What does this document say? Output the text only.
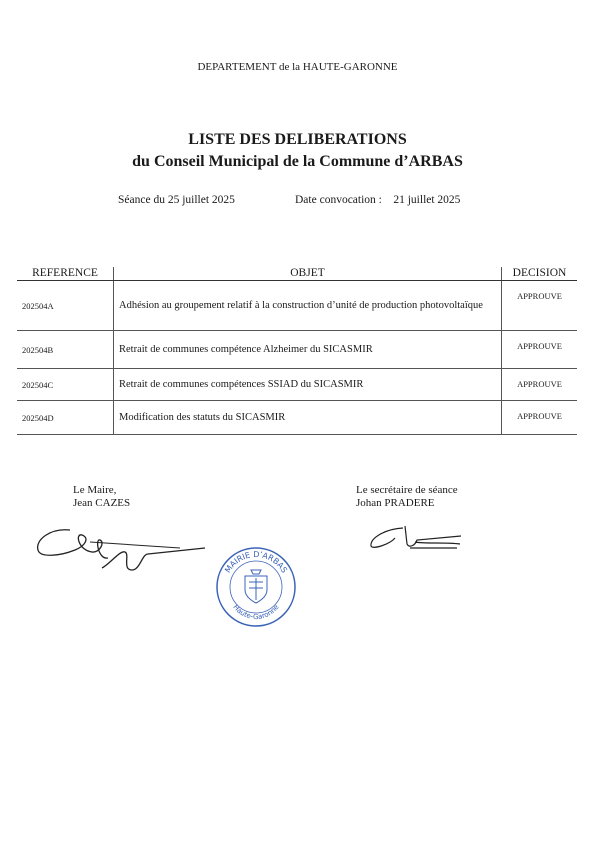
DEPARTEMENT de la HAUTE-GARONNE
LISTE DES DELIBERATIONS
du Conseil Municipal de la Commune d’ARBAS
Séance du 25 juillet 2025	Date convocation :    21 juillet 2025
REFERENCE	OBJET	DECISION
202504A	Adhésion au groupement relatif à la construction d’unité de production photovoltaïque	APPROUVE
202504B	Retrait de communes compétence Alzheimer du SICASMIR	APPROUVE
202504C	Retrait de communes compétences SSIAD du SICASMIR	APPROUVE
202504D	Modification des statuts du SICASMIR	APPROUVE
Le Maire,
Jean CAZES
Le secrétaire de séance
Johan PRADERE
MAIRIE D’ARBAS
Haute-Garonne
